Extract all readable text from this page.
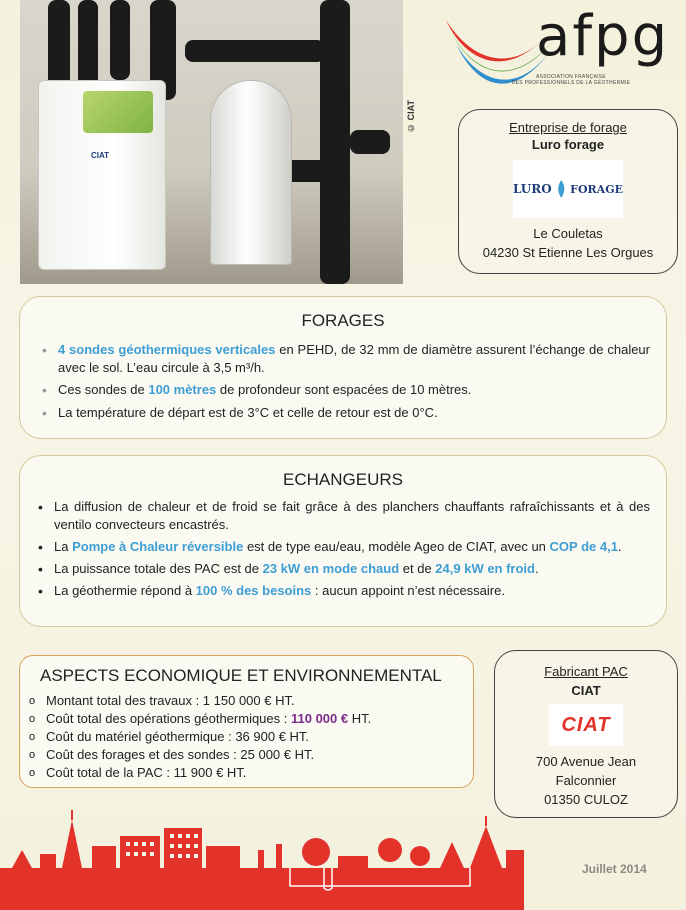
CIAT
© CIAT
afpg
ASSOCIATION FRANÇAISE
DES PROFESSIONNELS DE LA GÉOTHERMIE
Entreprise de forage
Luro forage
LURO FORAGE
Le Couletas
04230 St Etienne Les Orgues
FORAGES
• 4 sondes géothermiques verticales en PEHD, de 32 mm de diamètre assurent l’échange de chaleur avec le sol. L’eau circule à 3,5 m³/h.
• Ces sondes de 100 mètres de profondeur sont espacées de 10 mètres.
• La température de départ est de 3°C et celle de retour est de 0°C.
ECHANGEURS
• La diffusion de chaleur et de froid se fait grâce à des planchers chauffants rafraîchissants et à des ventilo convecteurs encastrés.
• La Pompe à Chaleur réversible est de type eau/eau, modèle Ageo de CIAT, avec un COP de 4,1.
• La puissance totale des PAC est de 23 kW en mode chaud et de 24,9 kW en froid.
• La géothermie répond à 100 % des besoins : aucun appoint n’est nécessaire.
ASPECTS ECONOMIQUE ET ENVIRONNEMENTAL
o Montant total des travaux : 1 150 000 € HT.
o Coût total des opérations géothermiques : 110 000 € HT.
o Coût du matériel géothermique : 36 900 € HT.
o Coût des forages et des sondes : 25 000 € HT.
o Coût total de la PAC : 11 900 € HT.
Fabricant PAC
CIAT
CIAT
700 Avenue Jean
Falconnier
01350 CULOZ
Juillet 2014
